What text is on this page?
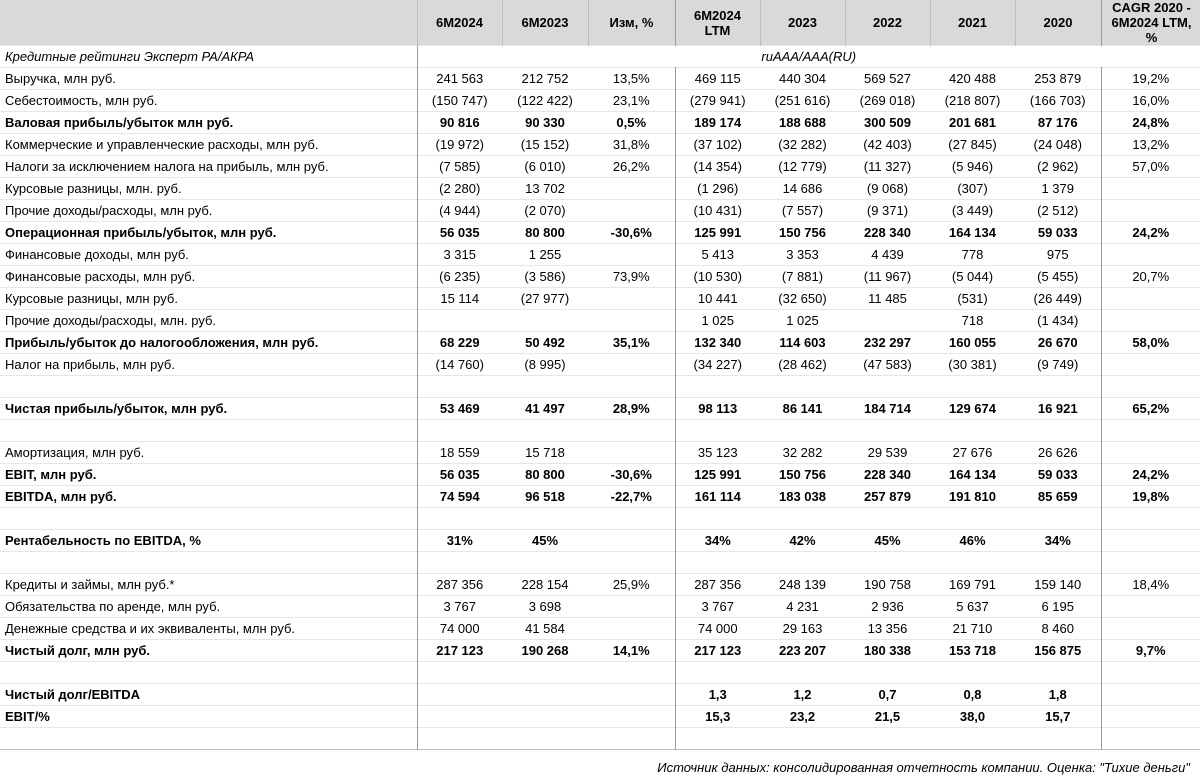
	6M2024	6M2023	Изм, %	6M2024 LTM	2023	2022	2021	2020	CAGR 2020 - 6M2024 LTM, %
Кредитные рейтинги Эксперт РА/АКРА	ruAAA/AAA(RU)								
Выручка, млн руб.	241 563	212 752	13,5%	469 115	440 304	569 527	420 488	253 879	19,2%
Себестоимость, млн руб.	(150 747)	(122 422)	23,1%	(279 941)	(251 616)	(269 018)	(218 807)	(166 703)	16,0%
Валовая прибыль/убыток млн руб.	90 816	90 330	0,5%	189 174	188 688	300 509	201 681	87 176	24,8%
Коммерческие и управленческие расходы, млн руб.	(19 972)	(15 152)	31,8%	(37 102)	(32 282)	(42 403)	(27 845)	(24 048)	13,2%
Налоги за исключением налога на прибыль, млн руб.	(7 585)	(6 010)	26,2%	(14 354)	(12 779)	(11 327)	(5 946)	(2 962)	57,0%
Курсовые разницы, млн. руб.	(2 280)	13 702		(1 296)	14 686	(9 068)	(307)	1 379	
Прочие доходы/расходы, млн руб.	(4 944)	(2 070)		(10 431)	(7 557)	(9 371)	(3 449)	(2 512)	
Операционная прибыль/убыток, млн руб.	56 035	80 800	-30,6%	125 991	150 756	228 340	164 134	59 033	24,2%
Финансовые доходы, млн руб.	3 315	1 255		5 413	3 353	4 439	778	975	
Финансовые расходы, млн руб.	(6 235)	(3 586)	73,9%	(10 530)	(7 881)	(11 967)	(5 044)	(5 455)	20,7%
Курсовые разницы, млн руб.	15 114	(27 977)		10 441	(32 650)	11 485	(531)	(26 449)	
Прочие доходы/расходы, млн. руб.				1 025	1 025		718	(1 434)	
Прибыль/убыток до налогообложения, млн руб.	68 229	50 492	35,1%	132 340	114 603	232 297	160 055	26 670	58,0%
Налог на прибыль, млн руб.	(14 760)	(8 995)		(34 227)	(28 462)	(47 583)	(30 381)	(9 749)	

Чистая прибыль/убыток, млн руб.	53 469	41 497	28,9%	98 113	86 141	184 714	129 674	16 921	65,2%

Амортизация, млн руб.	18 559	15 718		35 123	32 282	29 539	27 676	26 626	
EBIT, млн руб.	56 035	80 800	-30,6%	125 991	150 756	228 340	164 134	59 033	24,2%
EBITDA, млн руб.	74 594	96 518	-22,7%	161 114	183 038	257 879	191 810	85 659	19,8%

Рентабельность по EBITDA, %	31%	45%		34%	42%	45%	46%	34%	

Кредиты и займы, млн руб.*	287 356	228 154	25,9%	287 356	248 139	190 758	169 791	159 140	18,4%
Обязательства по аренде, млн руб.	3 767	3 698		3 767	4 231	2 936	5 637	6 195	
Денежные средства и их эквиваленты, млн руб.	74 000	41 584		74 000	29 163	13 356	21 710	8 460	
Чистый долг, млн руб.	217 123	190 268	14,1%	217 123	223 207	180 338	153 718	156 875	9,7%

Чистый долг/EBITDA				1,3	1,2	0,7	0,8	1,8	
EBIT/%				15,3	23,2	21,5	38,0	15,7	

Источник данных: консолидированная отчетность компании. Оценка: "Тихие деньги"									
